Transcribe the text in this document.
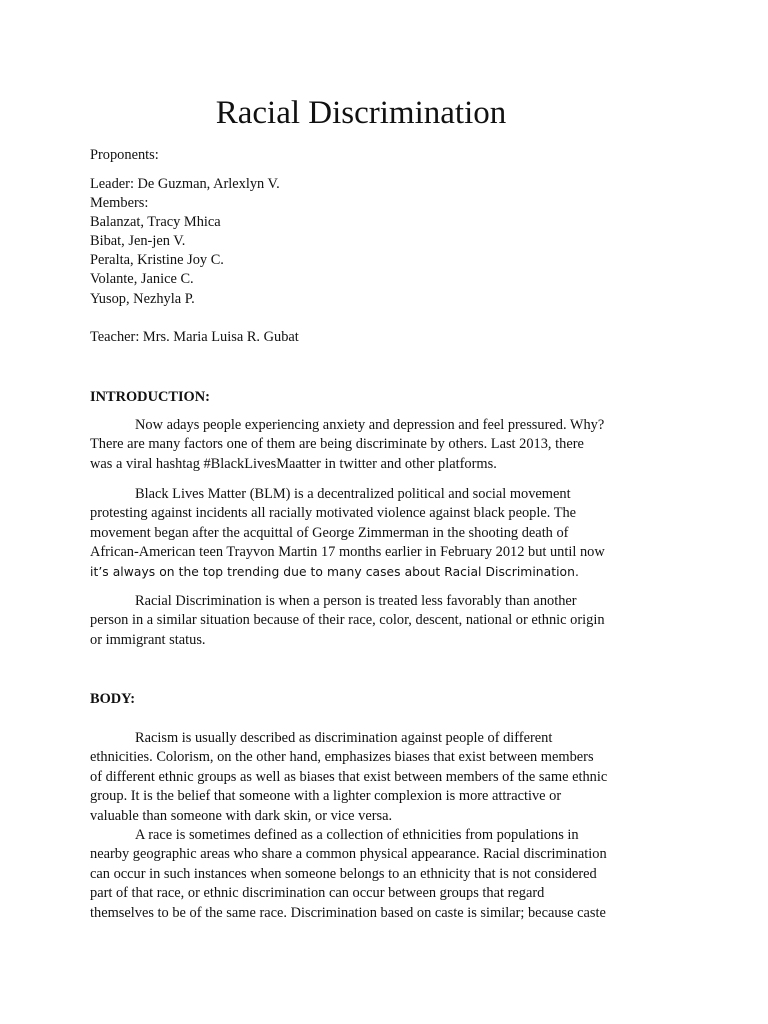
Racial Discrimination
Proponents:
Leader: De Guzman, Arlexlyn V.
Members:
Balanzat, Tracy Mhica
Bibat, Jen-jen V.
Peralta, Kristine Joy C.
Volante, Janice C.
Yusop, Nezhyla P.
Teacher: Mrs. Maria Luisa R. Gubat
INTRODUCTION:
Now adays people experiencing anxiety and depression and feel pressured. Why?
There are many factors one of them are being discriminate by others. Last 2013, there
was a viral hashtag #BlackLivesMaatter in twitter and other platforms.
Black Lives Matter (BLM) is a decentralized political and social movement
protesting against incidents all racially motivated violence against black people. The
movement began after the acquittal of George Zimmerman in the shooting death of
African-American teen Trayvon Martin 17 months earlier in February 2012 but until now
it’s always on the top trending due to many cases about Racial Discrimination.
Racial Discrimination is when a person is treated less favorably than another
person in a similar situation because of their race, color, descent, national or ethnic origin
or immigrant status.
BODY:
Racism is usually described as discrimination against people of different
ethnicities. Colorism, on the other hand, emphasizes biases that exist between members
of different ethnic groups as well as biases that exist between members of the same ethnic
group. It is the belief that someone with a lighter complexion is more attractive or
valuable than someone with dark skin, or vice versa.
A race is sometimes defined as a collection of ethnicities from populations in
nearby geographic areas who share a common physical appearance. Racial discrimination
can occur in such instances when someone belongs to an ethnicity that is not considered
part of that race, or ethnic discrimination can occur between groups that regard
themselves to be of the same race. Discrimination based on caste is similar; because caste
